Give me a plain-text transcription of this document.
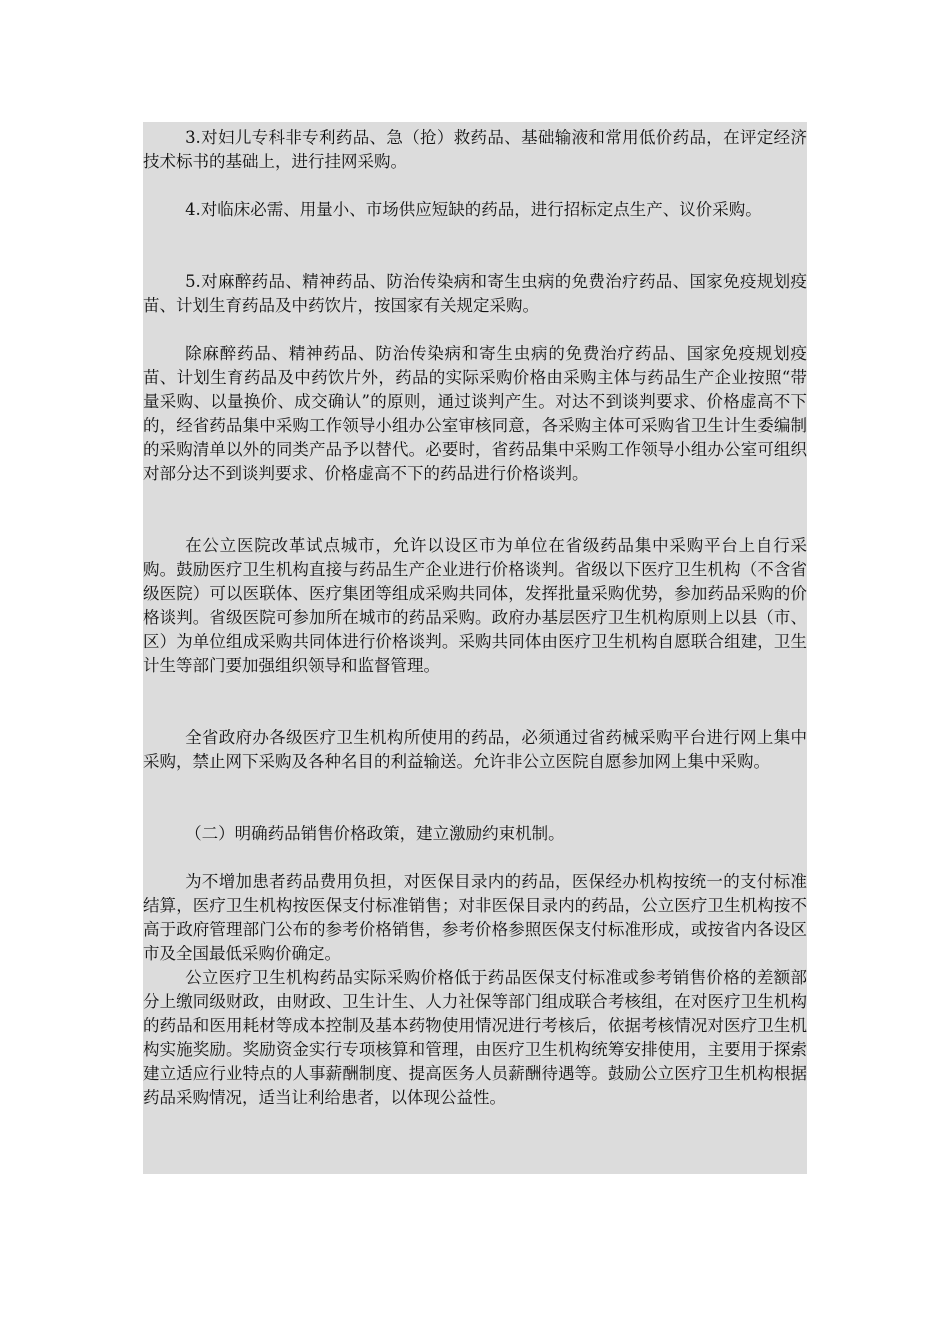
3.对妇儿专科非专利药品、急（抢）救药品、基础输液和常用低价药品，在评定经济技术标书的基础上，进行挂网采购。

4.对临床必需、用量小、市场供应短缺的药品，进行招标定点生产、议价采购。

5.对麻醉药品、精神药品、防治传染病和寄生虫病的免费治疗药品、国家免疫规划疫苗、计划生育药品及中药饮片，按国家有关规定采购。

除麻醉药品、精神药品、防治传染病和寄生虫病的免费治疗药品、国家免疫规划疫苗、计划生育药品及中药饮片外，药品的实际采购价格由采购主体与药品生产企业按照“带量采购、以量换价、成交确认”的原则，通过谈判产生。对达不到谈判要求、价格虚高不下的，经省药品集中采购工作领导小组办公室审核同意，各采购主体可采购省卫生计生委编制的采购清单以外的同类产品予以替代。必要时，省药品集中采购工作领导小组办公室可组织对部分达不到谈判要求、价格虚高不下的药品进行价格谈判。

在公立医院改革试点城市，允许以设区市为单位在省级药品集中采购平台上自行采购。鼓励医疗卫生机构直接与药品生产企业进行价格谈判。省级以下医疗卫生机构（不含省级医院）可以医联体、医疗集团等组成采购共同体，发挥批量采购优势，参加药品采购的价格谈判。省级医院可参加所在城市的药品采购。政府办基层医疗卫生机构原则上以县（市、区）为单位组成采购共同体进行价格谈判。采购共同体由医疗卫生机构自愿联合组建，卫生计生等部门要加强组织领导和监督管理。

全省政府办各级医疗卫生机构所使用的药品，必须通过省药械采购平台进行网上集中采购，禁止网下采购及各种名目的利益输送。允许非公立医院自愿参加网上集中采购。

（二）明确药品销售价格政策，建立激励约束机制。

为不增加患者药品费用负担，对医保目录内的药品，医保经办机构按统一的支付标准结算，医疗卫生机构按医保支付标准销售；对非医保目录内的药品，公立医疗卫生机构按不高于政府管理部门公布的参考价格销售，参考价格参照医保支付标准形成，或按省内各设区市及全国最低采购价确定。

公立医疗卫生机构药品实际采购价格低于药品医保支付标准或参考销售价格的差额部分上缴同级财政，由财政、卫生计生、人力社保等部门组成联合考核组，在对医疗卫生机构的药品和医用耗材等成本控制及基本药物使用情况进行考核后，依据考核情况对医疗卫生机构实施奖励。奖励资金实行专项核算和管理，由医疗卫生机构统筹安排使用，主要用于探索建立适应行业特点的人事薪酬制度、提高医务人员薪酬待遇等。鼓励公立医疗卫生机构根据药品采购情况，适当让利给患者，以体现公益性。
